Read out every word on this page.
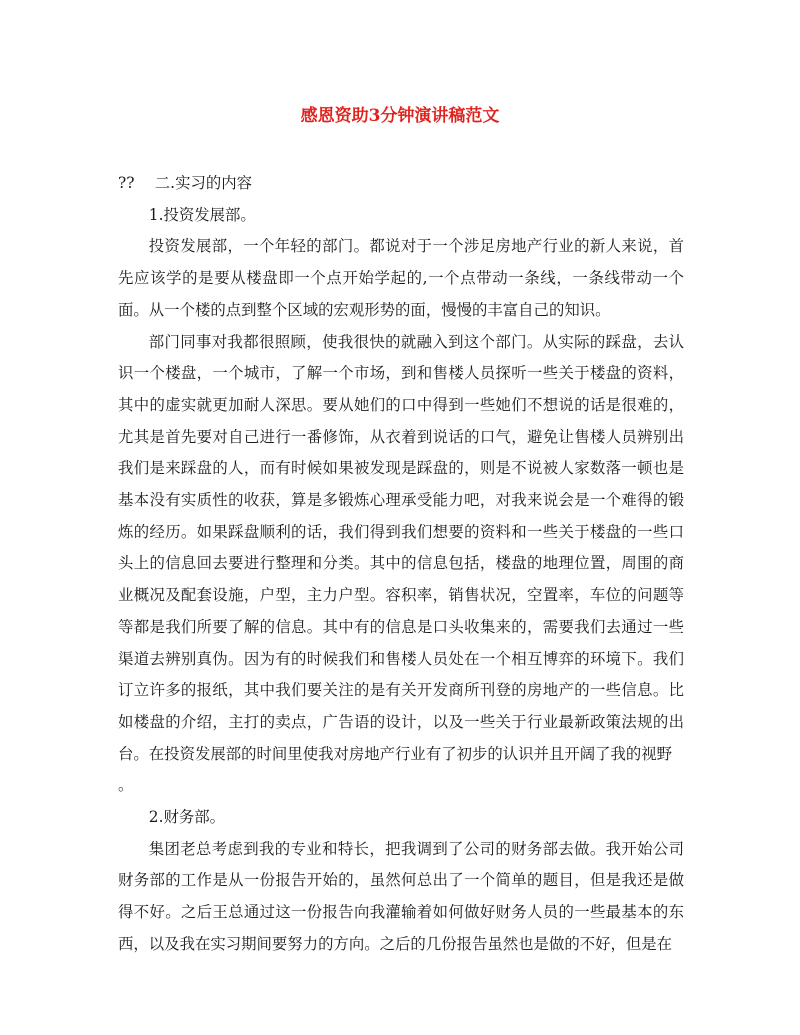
感恩资助3分钟演讲稿范文

??　 二.实习的内容

1.投资发展部。

投资发展部，一个年轻的部门。都说对于一个涉足房地产行业的新人来说，首先应该学的是要从楼盘即一个点开始学起的,一个点带动一条线，一条线带动一个面。从一个楼的点到整个区域的宏观形势的面，慢慢的丰富自己的知识。

部门同事对我都很照顾，使我很快的就融入到这个部门。从实际的踩盘，去认识一个楼盘，一个城市，了解一个市场，到和售楼人员探听一些关于楼盘的资料，其中的虚实就更加耐人深思。要从她们的口中得到一些她们不想说的话是很难的，尤其是首先要对自己进行一番修饰，从衣着到说话的口气，避免让售楼人员辨别出我们是来踩盘的人，而有时候如果被发现是踩盘的，则是不说被人家数落一顿也是基本没有实质性的收获，算是多锻炼心理承受能力吧，对我来说会是一个难得的锻炼的经历。如果踩盘顺利的话，我们得到我们想要的资料和一些关于楼盘的一些口头上的信息回去要进行整理和分类。其中的信息包括，楼盘的地理位置，周围的商业概况及配套设施，户型，主力户型。容积率，销售状况，空置率，车位的问题等等都是我们所要了解的信息。其中有的信息是口头收集来的，需要我们去通过一些渠道去辨别真伪。因为有的时候我们和售楼人员处在一个相互博弈的环境下。我们订立许多的报纸，其中我们要关注的是有关开发商所刊登的房地产的一些信息。比如楼盘的介绍，主打的卖点，广告语的设计，以及一些关于行业最新政策法规的出台。在投资发展部的时间里使我对房地产行业有了初步的认识并且开阔了我的视野

。

2.财务部。

集团老总考虑到我的专业和特长，把我调到了公司的财务部去做。我开始公司财务部的工作是从一份报告开始的，虽然何总出了一个简单的题目，但是我还是做得不好。之后王总通过这一份报告向我灌输着如何做好财务人员的一些最基本的东西，以及我在实习期间要努力的方向。之后的几份报告虽然也是做的不好，但是在
